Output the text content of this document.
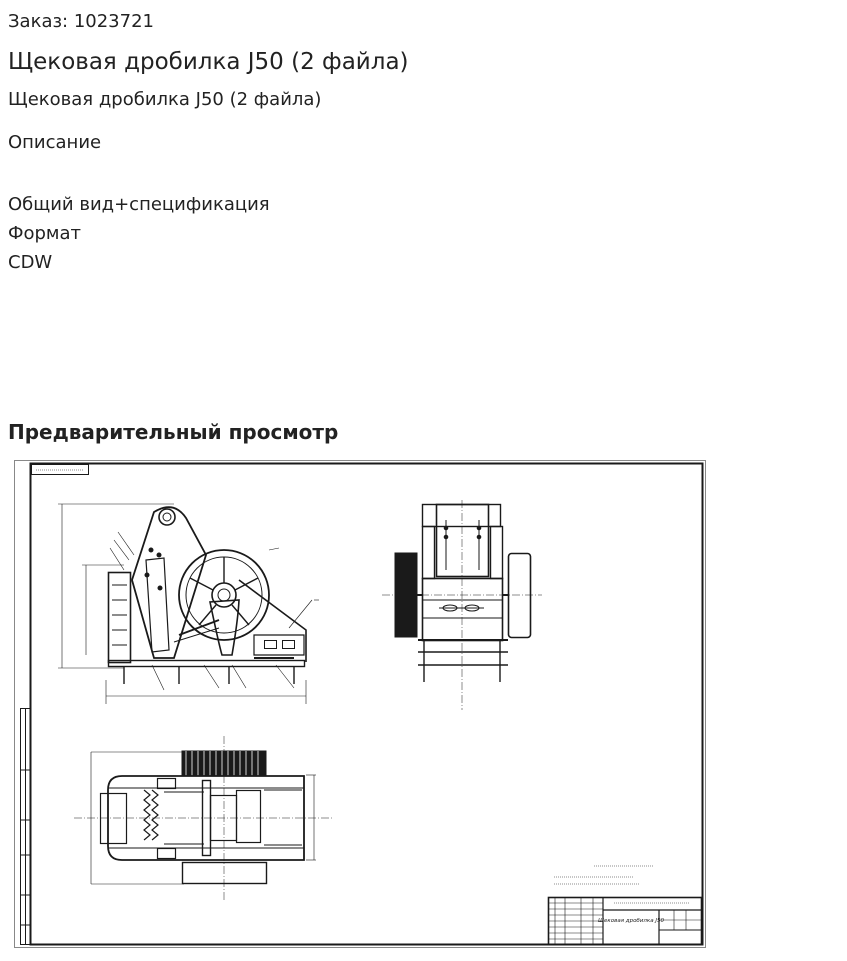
Заказ: 1023721
Щековая дробилка J50 (2 файла)
Щековая дробилка J50 (2 файла)
Описание
Общий вид+спецификация
Формат
CDW
Предварительный просмотр
Щековая дробилка J50
